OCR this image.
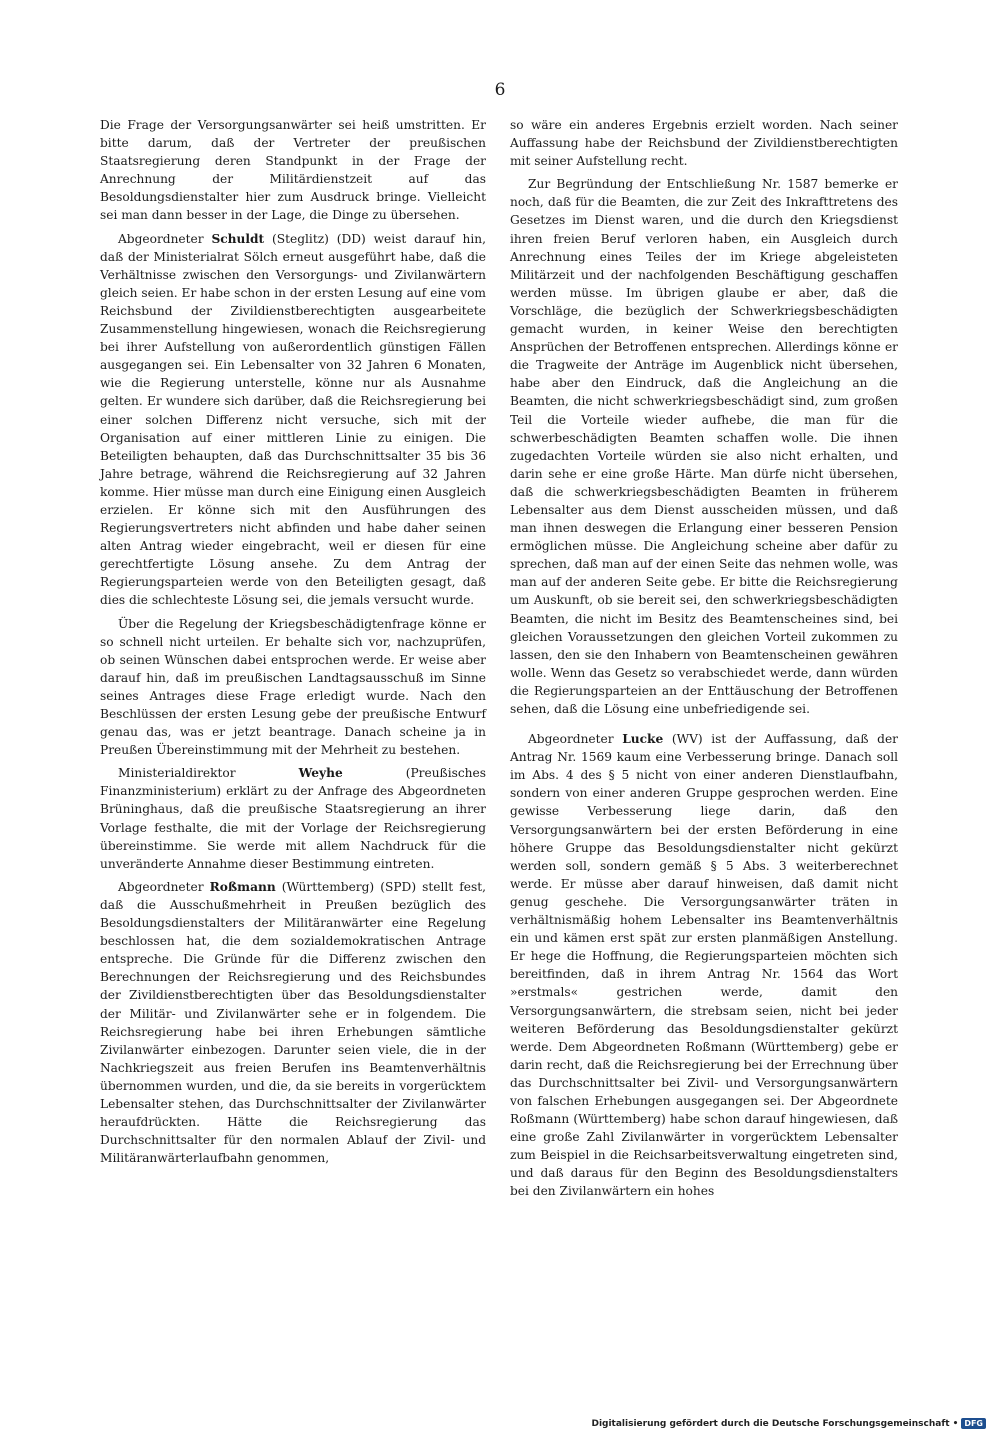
6

Die Frage der Versorgungsanwärter sei heiß umstritten. Er bitte darum, daß der Vertreter der preußischen Staatsregierung deren Standpunkt in der Frage der Anrechnung der Militärdienstzeit auf das Besoldungsdienstalter hier zum Ausdruck bringe. Vielleicht sei man dann besser in der Lage, die Dinge zu übersehen.

Abgeordneter Schuldt (Steglitz) (DD) weist darauf hin, daß der Ministerialrat Sölch erneut ausgeführt habe, daß die Verhältnisse zwischen den Versorgungs- und Zivilanwärtern gleich seien. Er habe schon in der ersten Lesung auf eine vom Reichsbund der Zivildienstberechtigten ausgearbeitete Zusammenstellung hingewiesen, wonach die Reichsregierung bei ihrer Aufstellung von außerordentlich günstigen Fällen ausgegangen sei. Ein Lebensalter von 32 Jahren 6 Monaten, wie die Regierung unterstelle, könne nur als Ausnahme gelten. Er wundere sich darüber, daß die Reichsregierung bei einer solchen Differenz nicht versuche, sich mit der Organisation auf einer mittleren Linie zu einigen. Die Beteiligten behaupten, daß das Durchschnittsalter 35 bis 36 Jahre betrage, während die Reichsregierung auf 32 Jahren komme. Hier müsse man durch eine Einigung einen Ausgleich erzielen. Er könne sich mit den Ausführungen des Regierungsvertreters nicht abfinden und habe daher seinen alten Antrag wieder eingebracht, weil er diesen für eine gerechtfertigte Lösung ansehe. Zu dem Antrag der Regierungsparteien werde von den Beteiligten gesagt, daß dies die schlechteste Lösung sei, die jemals versucht wurde.

Über die Regelung der Kriegsbeschädigtenfrage könne er so schnell nicht urteilen. Er behalte sich vor, nachzuprüfen, ob seinen Wünschen dabei entsprochen werde. Er weise aber darauf hin, daß im preußischen Landtagsausschuß im Sinne seines Antrages diese Frage erledigt wurde. Nach den Beschlüssen der ersten Lesung gebe der preußische Entwurf genau das, was er jetzt beantrage. Danach scheine ja in Preußen Übereinstimmung mit der Mehrheit zu bestehen.

Ministerialdirektor	Weyhe (Preußisches Finanzministerium) erklärt zu der Anfrage des Abgeordneten Brüninghaus, daß die preußische Staatsregierung an ihrer Vorlage festhalte, die mit der Vorlage der Reichsregierung übereinstimme. Sie werde mit allem Nachdruck für die unveränderte Annahme dieser Bestimmung eintreten.

Abgeordneter Roßmann (Württemberg) (SPD) stellt fest, daß die Ausschußmehrheit in Preußen bezüglich des Besoldungsdienstalters der Militäranwärter eine Regelung beschlossen hat, die dem sozialdemokratischen Antrage entspreche. Die Gründe für die Differenz zwischen den Berechnungen der Reichsregierung und des Reichsbundes der Zivildienstberechtigten über das Besoldungsdienstalter der Militär- und Zivilanwärter sehe er in folgendem. Die Reichsregierung habe bei ihren Erhebungen sämtliche Zivilanwärter einbezogen. Darunter seien viele, die in der Nachkriegszeit aus freien Berufen ins Beamtenverhältnis übernommen wurden, und die, da sie bereits in vorgerücktem Lebensalter stehen, das Durchschnittsalter der Zivilanwärter heraufdrückten. Hätte die Reichsregierung das Durchschnittsalter für den normalen Ablauf der Zivil- und Militäranwärterlaufbahn genommen,

so wäre ein anderes Ergebnis erzielt worden. Nach seiner Auffassung habe der Reichsbund der Zivildienstberechtigten mit seiner Aufstellung recht.

Zur Begründung der Entschließung Nr. 1587 bemerke er noch, daß für die Beamten, die zur Zeit des Inkrafttretens des Gesetzes im Dienst waren, und die durch den Kriegsdienst ihren freien Beruf verloren haben, ein Ausgleich durch Anrechnung eines Teiles der im Kriege abgeleisteten Militärzeit und der nachfolgenden Beschäftigung geschaffen werden müsse. Im übrigen glaube er aber, daß die Vorschläge, die bezüglich der Schwerkriegsbeschädigten gemacht wurden, in keiner Weise den berechtigten Ansprüchen der Betroffenen entsprechen. Allerdings könne er die Tragweite der Anträge im Augenblick nicht übersehen, habe aber den Eindruck, daß die Angleichung an die Beamten, die nicht schwerkriegsbeschädigt sind, zum großen Teil die Vorteile wieder aufhebe, die man für die schwerbeschädigten Beamten schaffen wolle. Die ihnen zugedachten Vorteile würden sie also nicht erhalten, und darin sehe er eine große Härte. Man dürfe nicht übersehen, daß die schwerkriegsbeschädigten Beamten in früherem Lebensalter aus dem Dienst ausscheiden müssen, und daß man ihnen deswegen die Erlangung einer besseren Pension ermöglichen müsse. Die Angleichung scheine aber dafür zu sprechen, daß man auf der einen Seite das nehmen wolle, was man auf der anderen Seite gebe. Er bitte die Reichsregierung um Auskunft, ob sie bereit sei, den schwerkriegsbeschädigten Beamten, die nicht im Besitz des Beamtenscheines sind, bei gleichen Voraussetzungen den gleichen Vorteil zukommen zu lassen, den sie den Inhabern von Beamtenscheinen gewähren wolle. Wenn das Gesetz so verabschiedet werde, dann würden die Regierungsparteien an der Enttäuschung der Betroffenen sehen, daß die Lösung eine unbefriedigende sei.

Abgeordneter Lucke (WV) ist der Auffassung, daß der Antrag Nr. 1569 kaum eine Verbesserung bringe. Danach soll im Abs. 4 des § 5 nicht von einer anderen Dienstlaufbahn, sondern von einer anderen Gruppe gesprochen werden. Eine gewisse Verbesserung liege darin, daß den Versorgungsanwärtern bei der ersten Beförderung in eine höhere Gruppe das Besoldungsdienstalter nicht gekürzt werden soll, sondern gemäß § 5 Abs. 3 weiterberechnet werde. Er müsse aber darauf hinweisen, daß damit nicht genug geschehe. Die Versorgungsanwärter träten in verhältnismäßig hohem Lebensalter ins Beamtenverhältnis ein und kämen erst spät zur ersten planmäßigen Anstellung. Er hege die Hoffnung, die Regierungsparteien möchten sich bereitfinden, daß in ihrem Antrag Nr. 1564 das Wort »erstmals« gestrichen werde, damit den Versorgungsanwärtern, die strebsam seien, nicht bei jeder weiteren Beförderung das Besoldungsdienstalter gekürzt werde. Dem Abgeordneten Roßmann (Württemberg) gebe er darin recht, daß die Reichsregierung bei der Errechnung über das Durchschnittsalter bei Zivil- und Versorgungsanwärtern von falschen Erhebungen ausgegangen sei. Der Abgeordnete Roßmann (Württemberg) habe schon darauf hingewiesen, daß eine große Zahl Zivilanwärter in vorgerücktem Lebensalter zum Beispiel in die Reichsarbeitsverwaltung eingetreten sind, und daß daraus für den Beginn des Besoldungsdienstalters bei den Zivilanwärtern ein hohes

Digitalisierung gefördert durch die Deutsche Forschungsgemeinschaft • DFG
